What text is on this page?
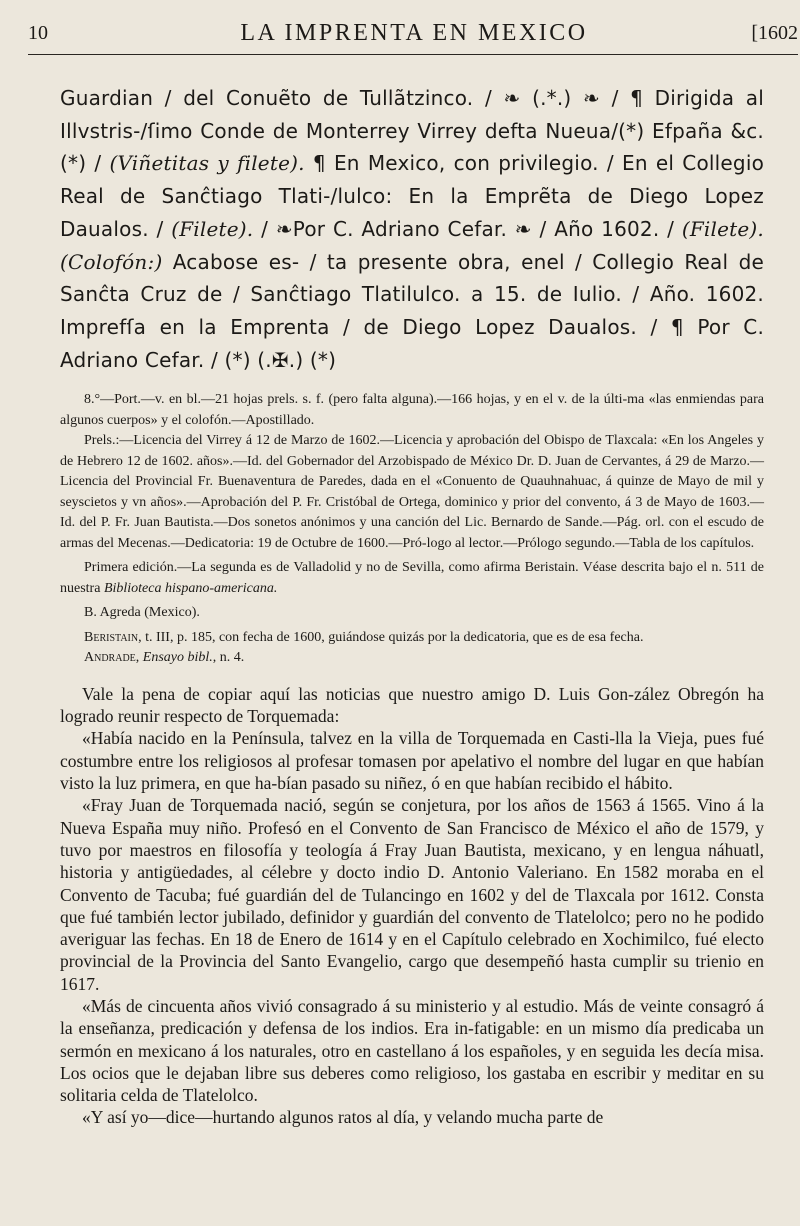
10	LA IMPRENTA EN MEXICO	[1602

Guardian / del Conuẽto de Tullãtzinco. / ❧ (.*.) ❧ / ¶ Dirigida al Illvstris-/ſimo Conde de Monterrey Virrey defta Nueua/(*) Efpaña &c. (*) / (Viñetitas y filete). ¶ En Mexico, con privilegio. / En el Collegio Real de Sanĉtiago Tlati-/lulco: En la Emprẽta de Diego Lopez Daualos. / (Filete). / ❧Por C. Adriano Cefar. ❧ / Año 1602. / (Filete). (Colofón:) Acabose es- / ta presente obra, enel / Collegio Real de Sanĉta Cruz de / Sanĉtiago Tlatilulco. a 15. de Iulio. / Año. 1602. Imprefſa en la Emprenta / de Diego Lopez Daualos. / ¶ Por C. Adriano Cefar. / (*) (.✠.) (*)

8.°—Port.—v. en bl.—21 hojas prels. s. f. (pero falta alguna).—166 hojas, y en el v. de la últi-ma «las enmiendas para algunos cuerpos» y el colofón.—Apostillado.

Prels.:—Licencia del Virrey á 12 de Marzo de 1602.—Licencia y aprobación del Obispo de Tlaxcala: «En los Angeles y de Hebrero 12 de 1602. años».—Id. del Gobernador del Arzobispado de México Dr. D. Juan de Cervantes, á 29 de Marzo.—Licencia del Provincial Fr. Buenaventura de Paredes, dada en el «Conuento de Quauhnahuac, á quinze de Mayo de mil y seyscietos y vn años».—Aprobación del P. Fr. Cristóbal de Ortega, dominico y prior del convento, á 3 de Mayo de 1603.—Id. del P. Fr. Juan Bautista.—Dos sonetos anónimos y una canción del Lic. Bernardo de Sande.—Pág. orl. con el escudo de armas del Mecenas.—Dedicatoria: 19 de Octubre de 1600.—Pró-logo al lector.—Prólogo segundo.—Tabla de los capítulos.

Primera edición.—La segunda es de Valladolid y no de Sevilla, como afirma Beristain. Véase descrita bajo el n. 511 de nuestra Biblioteca hispano-americana.

B. Agreda (Mexico).

Beristain, t. III, p. 185, con fecha de 1600, guiándose quizás por la dedicatoria, que es de esa fecha.

Andrade, Ensayo bibl., n. 4.

Vale la pena de copiar aquí las noticias que nuestro amigo D. Luis Gon-zález Obregón ha logrado reunir respecto de Torquemada:

«Había nacido en la Península, talvez en la villa de Torquemada en Casti-lla la Vieja, pues fué costumbre entre los religiosos al profesar tomasen por apelativo el nombre del lugar en que habían visto la luz primera, en que ha-bían pasado su niñez, ó en que habían recibido el hábito.

«Fray Juan de Torquemada nació, según se conjetura, por los años de 1563 á 1565. Vino á la Nueva España muy niño. Profesó en el Convento de San Francisco de México el año de 1579, y tuvo por maestros en filosofía y teología á Fray Juan Bautista, mexicano, y en lengua náhuatl, historia y antigüedades, al célebre y docto indio D. Antonio Valeriano. En 1582 moraba en el Convento de Tacuba; fué guardián del de Tulancingo en 1602 y del de Tlaxcala por 1612. Consta que fué también lector jubilado, definidor y guardián del convento de Tlatelolco; pero no he podido averiguar las fechas. En 18 de Enero de 1614 y en el Capítulo celebrado en Xochimilco, fué electo provincial de la Provincia del Santo Evangelio, cargo que desempeñó hasta cumplir su trienio en 1617.

«Más de cincuenta años vivió consagrado á su ministerio y al estudio. Más de veinte consagró á la enseñanza, predicación y defensa de los indios. Era in-fatigable: en un mismo día predicaba un sermón en mexicano á los naturales, otro en castellano á los españoles, y en seguida les decía misa. Los ocios que le dejaban libre sus deberes como religioso, los gastaba en escribir y meditar en su solitaria celda de Tlatelolco.

«Y así yo—dice—hurtando algunos ratos al día, y velando mucha parte de
